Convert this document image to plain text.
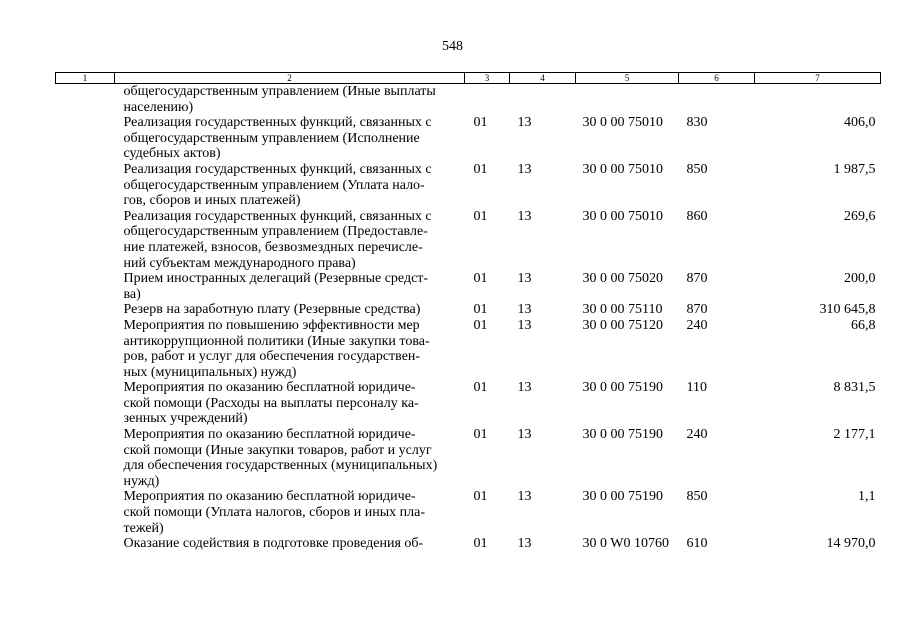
548
1	2	3	4	5	6	7

	общегосударственным управлением (Иные выплаты
населению)					

	Реализация государственных функций, связанных с
общегосударственным управлением (Исполнение
судебных актов)	01	13	30 0 00 75010	830	406,0

	Реализация государственных функций, связанных с
общегосударственным управлением (Уплата нало-
гов, сборов и иных платежей)	01	13	30 0 00 75010	850	1 987,5

	Реализация государственных функций, связанных с
общегосударственным управлением (Предоставле-
ние платежей, взносов, безвозмездных перечисле-
ний субъектам международного права)	01	13	30 0 00 75010	860	269,6

	Прием иностранных делегаций (Резервные средст-
ва)	01	13	30 0 00 75020	870	200,0

	Резерв на заработную плату (Резервные средства)	01	13	30 0 00 75110	870	310 645,8

	Мероприятия по повышению эффективности мер
антикоррупционной политики (Иные закупки това-
ров, работ и услуг для обеспечения государствен-
ных (муниципальных) нужд)	01	13	30 0 00 75120	240	66,8

	Мероприятия по оказанию бесплатной юридиче-
ской помощи (Расходы на выплаты персоналу ка-
зенных учреждений)	01	13	30 0 00 75190	110	8 831,5

	Мероприятия по оказанию бесплатной юридиче-
ской помощи (Иные закупки товаров, работ и услуг
для обеспечения государственных (муниципальных)
нужд)	01	13	30 0 00 75190	240	2 177,1

	Мероприятия по оказанию бесплатной юридиче-
ской помощи (Уплата налогов, сборов и иных пла-
тежей)	01	13	30 0 00 75190	850	1,1

	Оказание содействия в подготовке проведения об-	01	13	30 0 W0 10760	610	14 970,0
